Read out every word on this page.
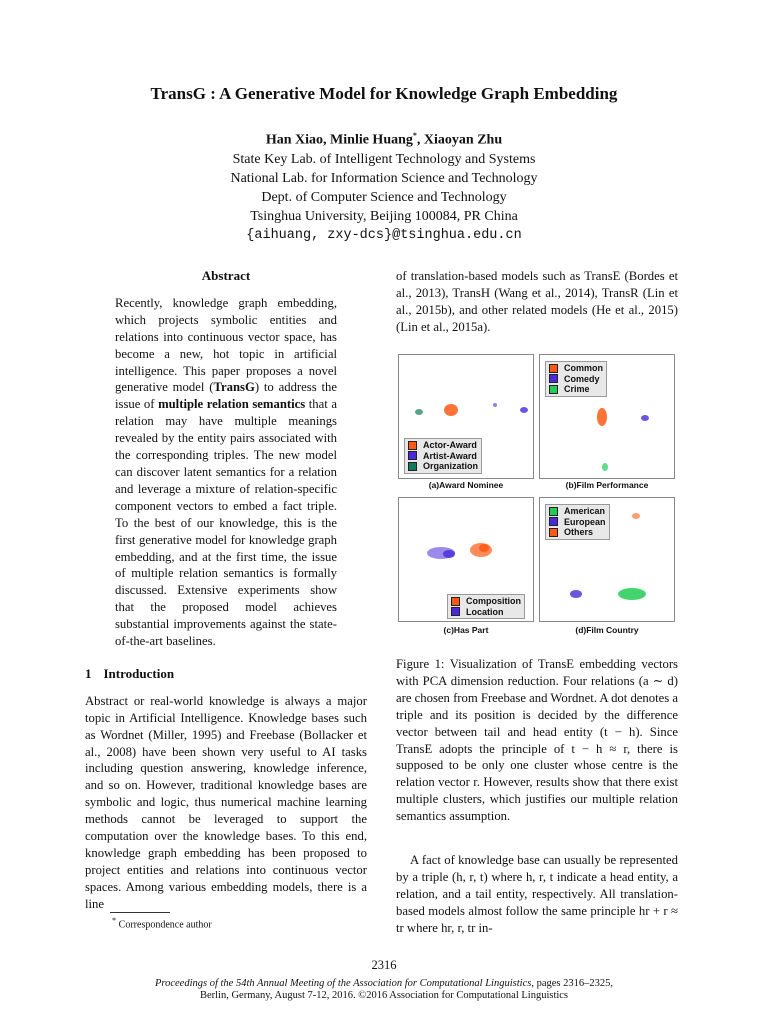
TransG : A Generative Model for Knowledge Graph Embedding
Han Xiao, Minlie Huang*, Xiaoyan Zhu
State Key Lab. of Intelligent Technology and Systems
National Lab. for Information Science and Technology
Dept. of Computer Science and Technology
Tsinghua University, Beijing 100084, PR China
{aihuang, zxy-dcs}@tsinghua.edu.cn
Abstract
Recently, knowledge graph embedding, which projects symbolic entities and relations into continuous vector space, has become a new, hot topic in artificial intelligence. This paper proposes a novel generative model (TransG) to address the issue of multiple relation semantics that a relation may have multiple meanings revealed by the entity pairs associated with the corresponding triples. The new model can discover latent semantics for a relation and leverage a mixture of relation-specific component vectors to embed a fact triple. To the best of our knowledge, this is the first generative model for knowledge graph embedding, and at the first time, the issue of multiple relation semantics is formally discussed. Extensive experiments show that the proposed model achieves substantial improvements against the state-of-the-art baselines.
1 Introduction

Abstract or real-world knowledge is always a major topic in Artificial Intelligence. Knowledge bases such as Wordnet (Miller, 1995) and Freebase (Bollacker et al., 2008) have been shown very useful to AI tasks including question answering, knowledge inference, and so on. However, traditional knowledge bases are symbolic and logic, thus numerical machine learning methods cannot be leveraged to support the computation over the knowledge bases. To this end, knowledge graph embedding has been proposed to project entities and relations into continuous vector spaces. Among various embedding models, there is a line

* Correspondence author

of translation-based models such as TransE (Bordes et al., 2013), TransH (Wang et al., 2014), TransR (Lin et al., 2015b), and other related models (He et al., 2015) (Lin et al., 2015a).

Actor-Award
Artist-Award
Organization
(a)Award Nominee
Common
Comedy
Crime
(b)Film Performance
Composition
Location
(c)Has Part
American
European
Others
(d)Film Country
Figure 1: Visualization of TransE embedding vectors with PCA dimension reduction. Four relations (a ∼ d) are chosen from Freebase and Wordnet. A dot denotes a triple and its position is decided by the difference vector between tail and head entity (t − h). Since TransE adopts the principle of t − h ≈ r, there is supposed to be only one cluster whose centre is the relation vector r. However, results show that there exist multiple clusters, which justifies our multiple relation semantics assumption.
A fact of knowledge base can usually be represented by a triple (h, r, t) where h, r, t indicate a head entity, a relation, and a tail entity, respectively. All translation-based models almost follow the same principle hr + r ≈ tr where hr, r, tr in-
2316
Proceedings of the 54th Annual Meeting of the Association for Computational Linguistics, pages 2316–2325,
Berlin, Germany, August 7-12, 2016. ©2016 Association for Computational Linguistics
